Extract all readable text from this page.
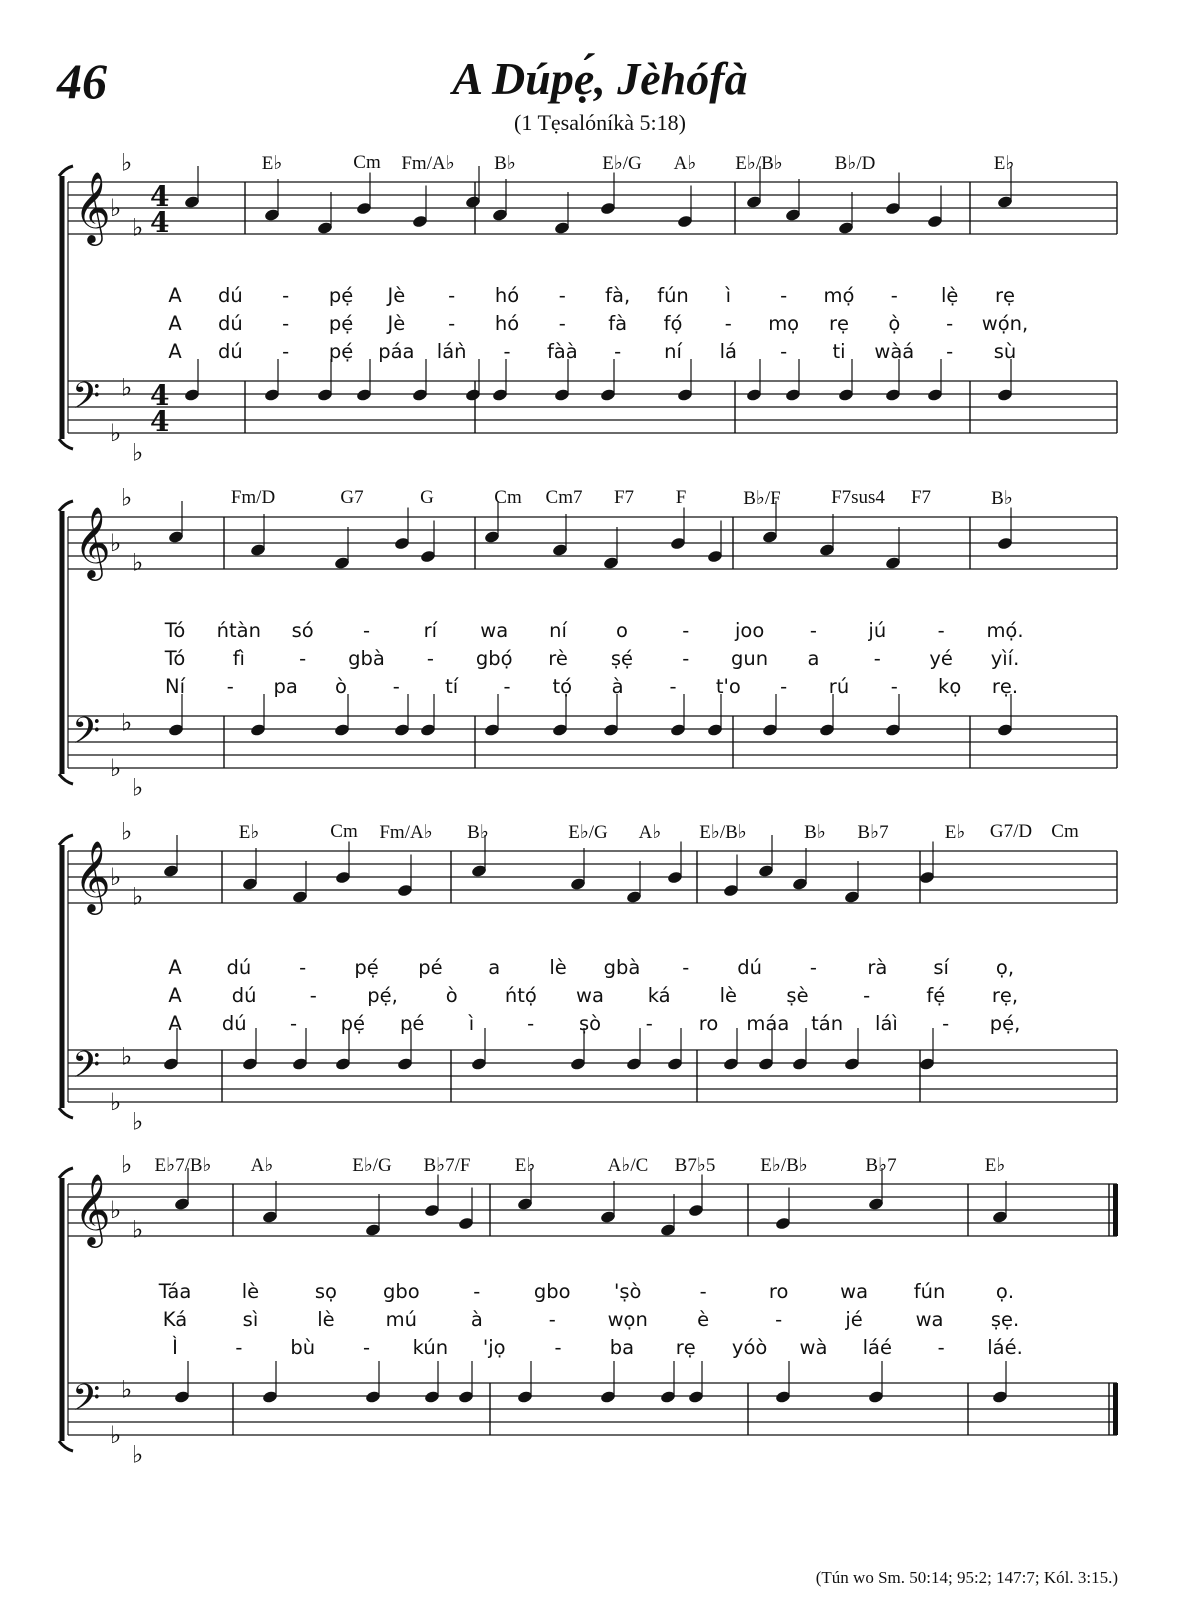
46	A Dúpẹ́, Jèhófà
(1 Tẹsalóníkà 5:18)
𝄞 ♭
♭
♭
4
4
𝄢
♭
♭
♭
4
4
𝄞 ♭
♭
♭
𝄢
♭
♭
♭
𝄞 ♭
♭
♭
𝄢
♭
♭
♭
𝄞 ♭
♭
♭
𝄢
♭
♭
♭
E♭	Cm Fm/A♭ B♭	E♭/G A♭ E♭/B♭	B♭/D	E♭
A dú - pẹ́ Jè - hó - fà, fún ì	- mọ́ - lẹ̀ rẹ
A dú - pẹ́ Jè - hó - fà fọ́ - mọ rẹ ọ̀ - wọ́n,
A dú - pẹ́ páa láǹ - fàà - ní lá - ti wàá - sù
Fm/D	G7	G	Cm Cm7 F7 F	B♭/F	F7sus4 F7	B♭
Tó ńtàn só	-	rí wa ní	o	- joo -	jú	- mọ́.
Tó fì	- gbà - gbọ́ rè ṣẹ́	- gun a	- yé yìí.
Ní - pa ò - tí - tọ́ à - t'o - rú - kọ rẹ.
E♭	Cm Fm/A♭ B♭	E♭/G A♭ E♭/B♭	B♭ B♭7	E♭ G7/D Cm
A dú - pẹ́ pé a	lè gbà - dú -	rà sí ọ,
A	dú	-	pẹ́, ò ńtọ́ wa ká	lè	ṣè	-	fẹ́ rẹ,
A dú - pẹ́ pé ì	- ṣò - ro máa tán láì - pẹ́,
E♭7/B♭ A♭	E♭/G B♭7/F E♭	A♭/C B7♭5 E♭/B♭	B♭7	E♭
Táa	lè	sọ gbo	-	gbo 'ṣò	-	ro	wa fún	ọ.
Ká	sì	lè	mú	à	-	wọn	è	-	jé	wa ṣẹ.
Ì	- bù - kún 'jọ	- ba rẹ yóò wà láé - láé.
(Tún wo Sm. 50:14; 95:2; 147:7; Kól. 3:15.)
